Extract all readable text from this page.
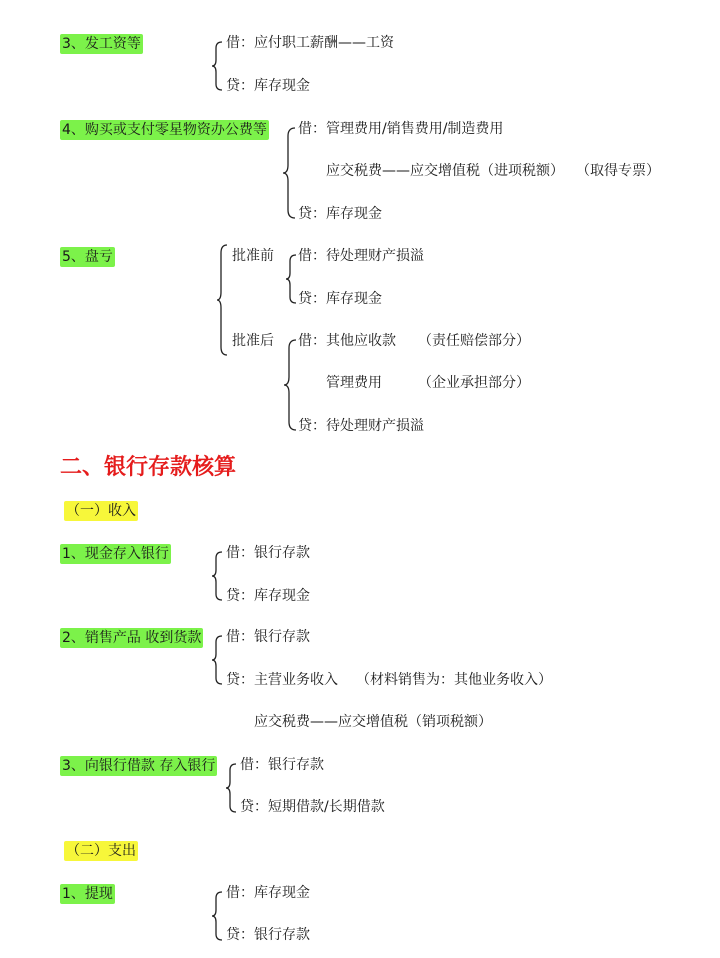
3、发工资等	借：应付职工薪酬——工资
贷：库存现金
4、购买或支付零星物资办公费等 借：管理费用/销售费用/制造费用
应交税费——应交增值税（进项税额） （取得专票）
贷：库存现金
5、盘亏	批准前 借：待处理财产损溢
贷：库存现金
批准后 借：其他应收款 （责任赔偿部分）
管理费用	（企业承担部分）
贷：待处理财产损溢
二、银行存款核算
（一）收入
1、现金存入银行	借：银行存款
贷：库存现金
2、销售产品 收到货款 借：银行存款
贷：主营业务收入 （材料销售为：其他业务收入）
应交税费——应交增值税（销项税额）
3、向银行借款 存入银行 借：银行存款
贷：短期借款/长期借款
（二）支出
1、提现	借：库存现金
贷：银行存款
